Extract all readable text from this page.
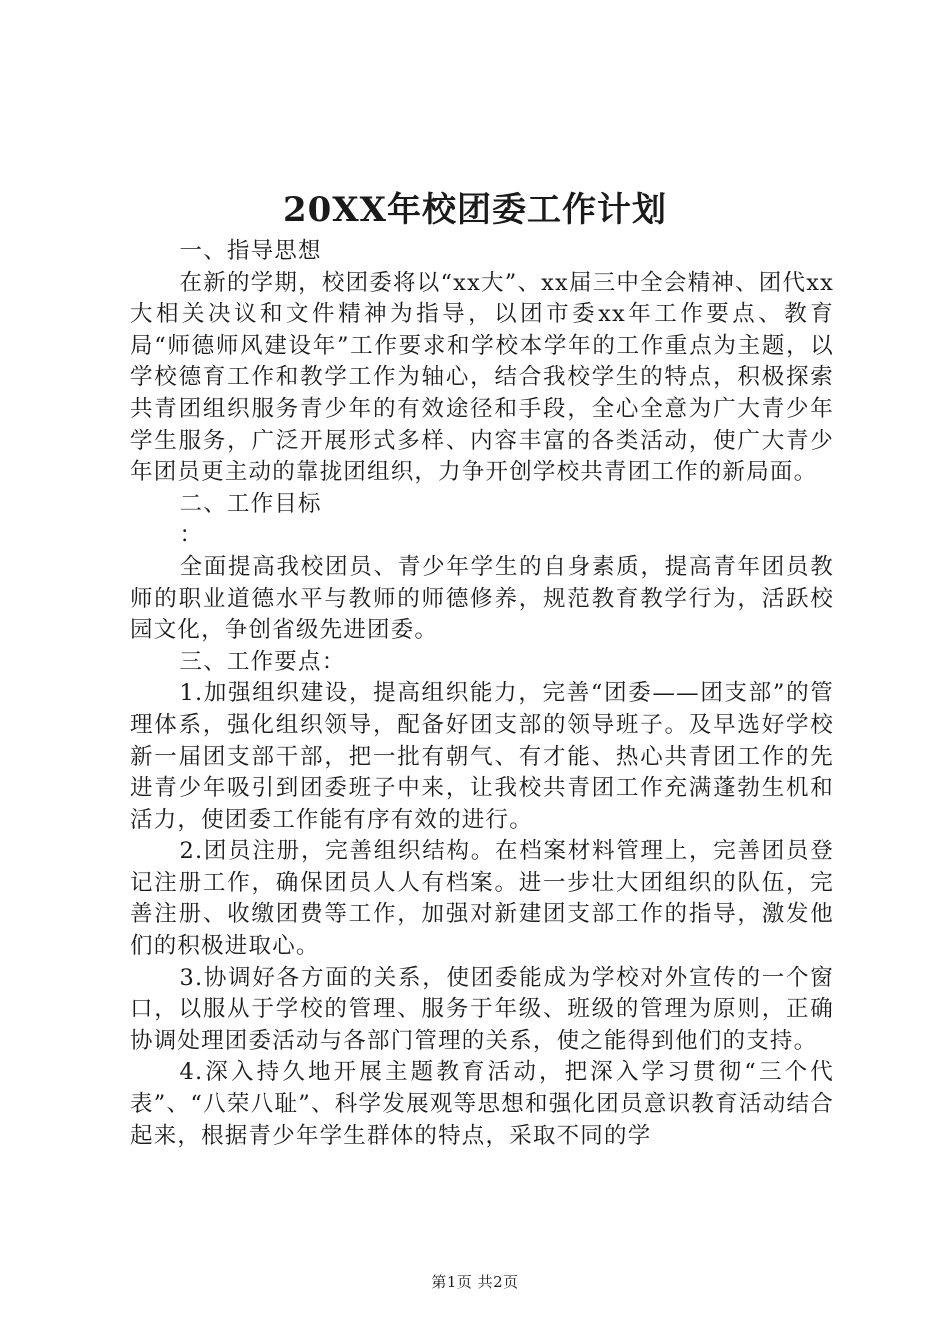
20XX年校团委工作计划

一、指导思想

在新的学期，校团委将以“xx大”、xx届三中全会精神、团代xx大相关决议和文件精神为指导，以团市委xx年工作要点、教育局“师德师风建设年”工作要求和学校本学年的工作重点为主题，以学校德育工作和教学工作为轴心，结合我校学生的特点，积极探索共青团组织服务青少年的有效途径和手段，全心全意为广大青少年学生服务，广泛开展形式多样、内容丰富的各类活动，使广大青少年团员更主动的靠拢团组织，力争开创学校共青团工作的新局面。

二、工作目标

：

全面提高我校团员、青少年学生的自身素质，提高青年团员教师的职业道德水平与教师的师德修养，规范教育教学行为，活跃校园文化，争创省级先进团委。

三、工作要点：

1.加强组织建设，提高组织能力，完善“团委——团支部”的管理体系，强化组织领导，配备好团支部的领导班子。及早选好学校新一届团支部干部，把一批有朝气、有才能、热心共青团工作的先进青少年吸引到团委班子中来，让我校共青团工作充满蓬勃生机和活力，使团委工作能有序有效的进行。

2.团员注册，完善组织结构。在档案材料管理上，完善团员登记注册工作，确保团员人人有档案。进一步壮大团组织的队伍，完善注册、收缴团费等工作，加强对新建团支部工作的指导，激发他们的积极进取心。

3.协调好各方面的关系，使团委能成为学校对外宣传的一个窗口，以服从于学校的管理、服务于年级、班级的管理为原则，正确协调处理团委活动与各部门管理的关系，使之能得到他们的支持。

4.深入持久地开展主题教育活动，把深入学习贯彻“三个代表”、“八荣八耻”、科学发展观等思想和强化团员意识教育活动结合起来，根据青少年学生群体的特点，采取不同的学

第1页 共2页
